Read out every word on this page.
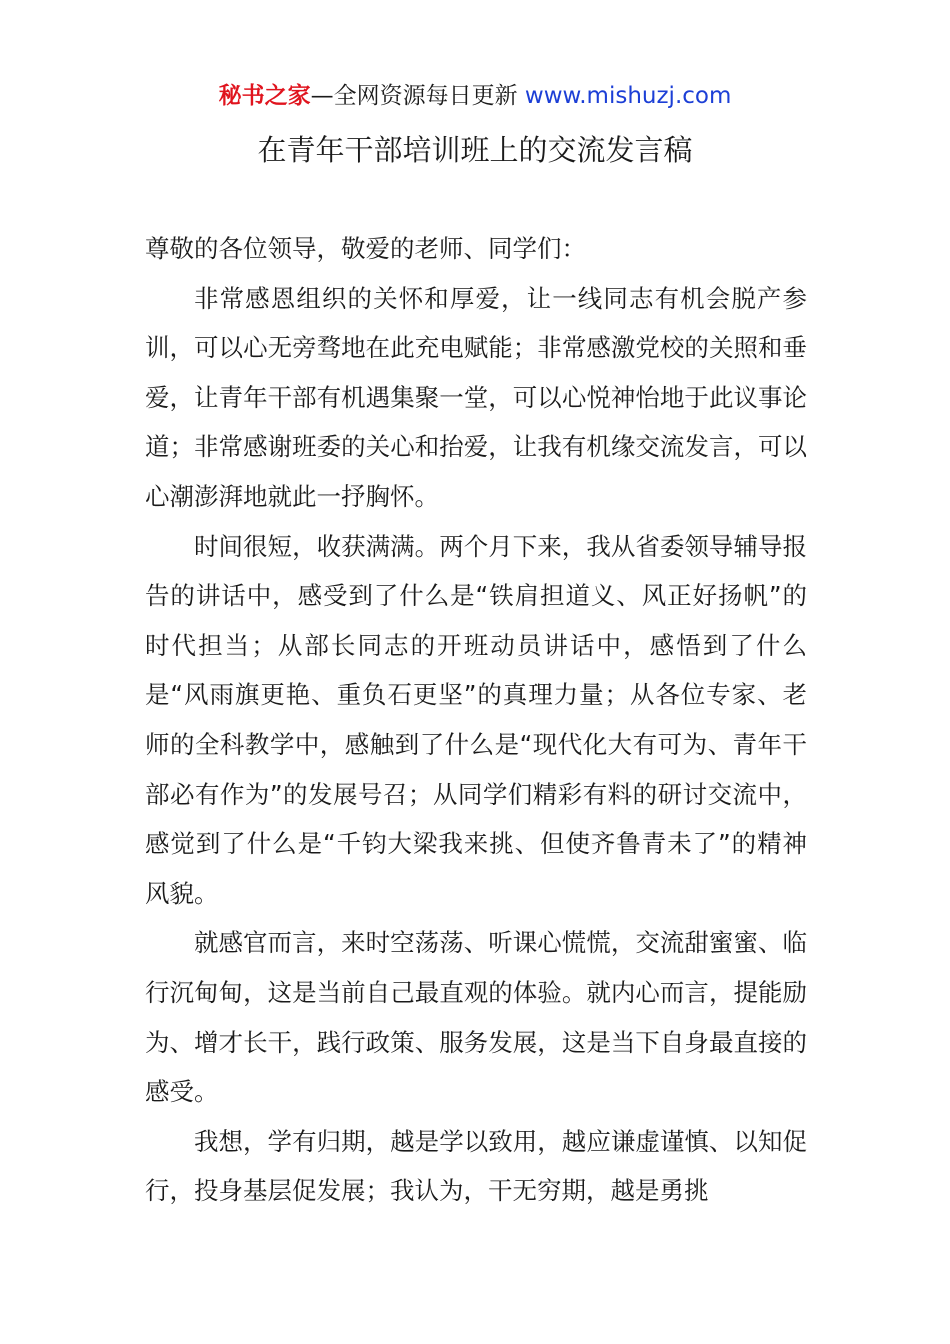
秘书之家—全网资源每日更新 www.mishuzj.com
在青年干部培训班上的交流发言稿

尊敬的各位领导，敬爱的老师、同学们：

非常感恩组织的关怀和厚爱，让一线同志有机会脱产参训，可以心无旁骛地在此充电赋能；非常感激党校的关照和垂爱，让青年干部有机遇集聚一堂，可以心悦神怡地于此议事论道；非常感谢班委的关心和抬爱，让我有机缘交流发言，可以心潮澎湃地就此一抒胸怀。

时间很短，收获满满。两个月下来，我从省委领导辅导报告的讲话中，感受到了什么是“铁肩担道义、风正好扬帆”的时代担当；从部长同志的开班动员讲话中，感悟到了什么是“风雨旗更艳、重负石更坚”的真理力量；从各位专家、老师的全科教学中，感触到了什么是“现代化大有可为、青年干部必有作为”的发展号召；从同学们精彩有料的研讨交流中，感觉到了什么是“千钧大梁我来挑、但使齐鲁青未了”的精神风貌。

就感官而言，来时空荡荡、听课心慌慌，交流甜蜜蜜、临行沉甸甸，这是当前自己最直观的体验。就内心而言，提能励为、增才长干，践行政策、服务发展，这是当下自身最直接的感受。

我想，学有归期，越是学以致用，越应谦虚谨慎、以知促行，投身基层促发展；我认为，干无穷期，越是勇挑
